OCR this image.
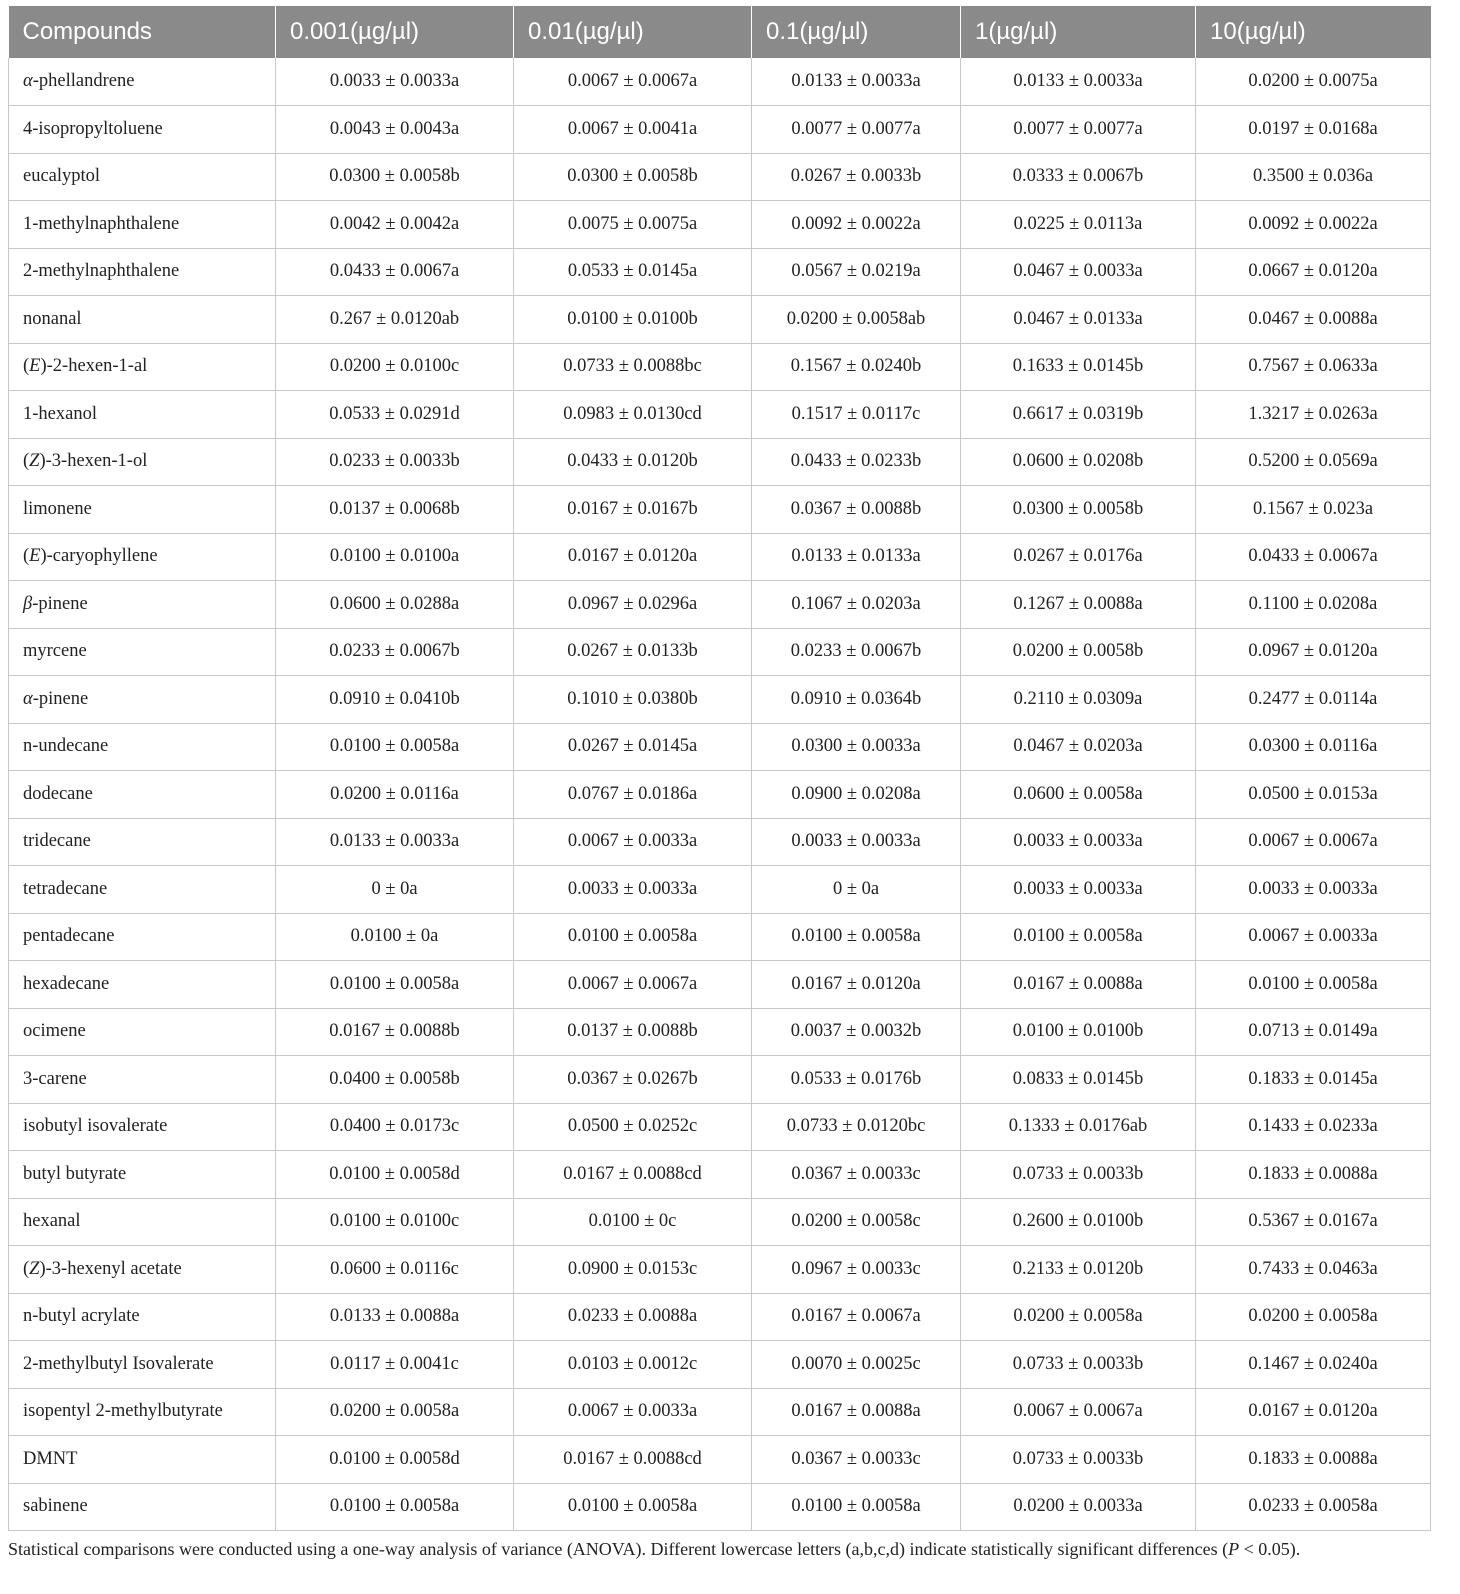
Compounds	0.001(µg/µl)	0.01(µg/µl)	0.1(µg/µl)	1(µg/µl)	10(µg/µl)
α-phellandrene	0.0033 ± 0.0033a	0.0067 ± 0.0067a	0.0133 ± 0.0033a	0.0133 ± 0.0033a	0.0200 ± 0.0075a
4-isopropyltoluene	0.0043 ± 0.0043a	0.0067 ± 0.0041a	0.0077 ± 0.0077a	0.0077 ± 0.0077a	0.0197 ± 0.0168a
eucalyptol	0.0300 ± 0.0058b	0.0300 ± 0.0058b	0.0267 ± 0.0033b	0.0333 ± 0.0067b	0.3500 ± 0.036a
1-methylnaphthalene	0.0042 ± 0.0042a	0.0075 ± 0.0075a	0.0092 ± 0.0022a	0.0225 ± 0.0113a	0.0092 ± 0.0022a
2-methylnaphthalene	0.0433 ± 0.0067a	0.0533 ± 0.0145a	0.0567 ± 0.0219a	0.0467 ± 0.0033a	0.0667 ± 0.0120a
nonanal	0.267 ± 0.0120ab	0.0100 ± 0.0100b	0.0200 ± 0.0058ab	0.0467 ± 0.0133a	0.0467 ± 0.0088a
(E)-2-hexen-1-al	0.0200 ± 0.0100c	0.0733 ± 0.0088bc	0.1567 ± 0.0240b	0.1633 ± 0.0145b	0.7567 ± 0.0633a
1-hexanol	0.0533 ± 0.0291d	0.0983 ± 0.0130cd	0.1517 ± 0.0117c	0.6617 ± 0.0319b	1.3217 ± 0.0263a
(Z)-3-hexen-1-ol	0.0233 ± 0.0033b	0.0433 ± 0.0120b	0.0433 ± 0.0233b	0.0600 ± 0.0208b	0.5200 ± 0.0569a
limonene	0.0137 ± 0.0068b	0.0167 ± 0.0167b	0.0367 ± 0.0088b	0.0300 ± 0.0058b	0.1567 ± 0.023a
(E)-caryophyllene	0.0100 ± 0.0100a	0.0167 ± 0.0120a	0.0133 ± 0.0133a	0.0267 ± 0.0176a	0.0433 ± 0.0067a
β-pinene	0.0600 ± 0.0288a	0.0967 ± 0.0296a	0.1067 ± 0.0203a	0.1267 ± 0.0088a	0.1100 ± 0.0208a
myrcene	0.0233 ± 0.0067b	0.0267 ± 0.0133b	0.0233 ± 0.0067b	0.0200 ± 0.0058b	0.0967 ± 0.0120a
α-pinene	0.0910 ± 0.0410b	0.1010 ± 0.0380b	0.0910 ± 0.0364b	0.2110 ± 0.0309a	0.2477 ± 0.0114a
n-undecane	0.0100 ± 0.0058a	0.0267 ± 0.0145a	0.0300 ± 0.0033a	0.0467 ± 0.0203a	0.0300 ± 0.0116a
dodecane	0.0200 ± 0.0116a	0.0767 ± 0.0186a	0.0900 ± 0.0208a	0.0600 ± 0.0058a	0.0500 ± 0.0153a
tridecane	0.0133 ± 0.0033a	0.0067 ± 0.0033a	0.0033 ± 0.0033a	0.0033 ± 0.0033a	0.0067 ± 0.0067a
tetradecane	0 ± 0a	0.0033 ± 0.0033a	0 ± 0a	0.0033 ± 0.0033a	0.0033 ± 0.0033a
pentadecane	0.0100 ± 0a	0.0100 ± 0.0058a	0.0100 ± 0.0058a	0.0100 ± 0.0058a	0.0067 ± 0.0033a
hexadecane	0.0100 ± 0.0058a	0.0067 ± 0.0067a	0.0167 ± 0.0120a	0.0167 ± 0.0088a	0.0100 ± 0.0058a
ocimene	0.0167 ± 0.0088b	0.0137 ± 0.0088b	0.0037 ± 0.0032b	0.0100 ± 0.0100b	0.0713 ± 0.0149a
3-carene	0.0400 ± 0.0058b	0.0367 ± 0.0267b	0.0533 ± 0.0176b	0.0833 ± 0.0145b	0.1833 ± 0.0145a
isobutyl isovalerate	0.0400 ± 0.0173c	0.0500 ± 0.0252c	0.0733 ± 0.0120bc	0.1333 ± 0.0176ab	0.1433 ± 0.0233a
butyl butyrate	0.0100 ± 0.0058d	0.0167 ± 0.0088cd	0.0367 ± 0.0033c	0.0733 ± 0.0033b	0.1833 ± 0.0088a
hexanal	0.0100 ± 0.0100c	0.0100 ± 0c	0.0200 ± 0.0058c	0.2600 ± 0.0100b	0.5367 ± 0.0167a
(Z)-3-hexenyl acetate	0.0600 ± 0.0116c	0.0900 ± 0.0153c	0.0967 ± 0.0033c	0.2133 ± 0.0120b	0.7433 ± 0.0463a
n-butyl acrylate	0.0133 ± 0.0088a	0.0233 ± 0.0088a	0.0167 ± 0.0067a	0.0200 ± 0.0058a	0.0200 ± 0.0058a
2-methylbutyl Isovalerate	0.0117 ± 0.0041c	0.0103 ± 0.0012c	0.0070 ± 0.0025c	0.0733 ± 0.0033b	0.1467 ± 0.0240a
isopentyl 2-methylbutyrate	0.0200 ± 0.0058a	0.0067 ± 0.0033a	0.0167 ± 0.0088a	0.0067 ± 0.0067a	0.0167 ± 0.0120a
DMNT	0.0100 ± 0.0058d	0.0167 ± 0.0088cd	0.0367 ± 0.0033c	0.0733 ± 0.0033b	0.1833 ± 0.0088a
sabinene	0.0100 ± 0.0058a	0.0100 ± 0.0058a	0.0100 ± 0.0058a	0.0200 ± 0.0033a	0.0233 ± 0.0058a
Statistical comparisons were conducted using a one-way analysis of variance (ANOVA). Different lowercase letters (a,b,c,d) indicate statistically significant differences (P < 0.05).
